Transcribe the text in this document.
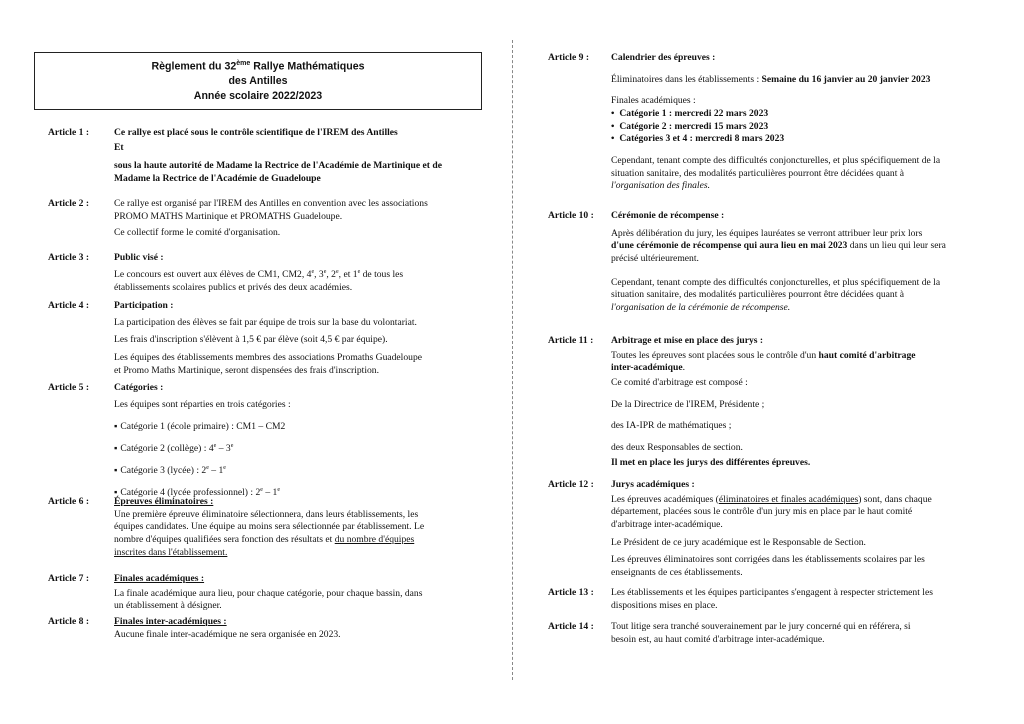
Règlement du 32ème Rallye Mathématiques
des Antilles
Année scolaire 2022/2023
Article 1 :	Ce rallye est placé sous le contrôle scientifique de l'IREM des Antilles

Et

sous la haute autorité de Madame la Rectrice de l'Académie de Martinique et de

Madame la Rectrice de l'Académie de Guadeloupe

Article 2 :	Ce rallye est organisé par l'IREM des Antilles en convention avec les associations

PROMO MATHS Martinique et PROMATHS Guadeloupe.

Ce collectif forme le comité d'organisation.

Article 3 :	Public visé :

Le concours est ouvert aux élèves de CM1, CM2, 4e, 3e, 2e, et 1e de tous les

établissements scolaires publics et privés des deux académies.

Article 4 :	Participation :

La participation des élèves se fait par équipe de trois sur la base du volontariat.

Les frais d'inscription s'élèvent à 1,5 € par élève (soit 4,5 € par équipe).

Les équipes des établissements membres des associations Promaths Guadeloupe

et Promo Maths Martinique, seront dispensées des frais d'inscription.

Article 5 :	Catégories :

Les équipes sont réparties en trois catégories :

▪ Catégorie 1 (école primaire) : CM1 – CM2

▪ Catégorie 2 (collège) : 4e – 3e

▪ Catégorie 3 (lycée) : 2e – 1e

▪ Catégorie 4 (lycée professionnel) : 2e – 1e

Article 6 :	Épreuves éliminatoires :

Une première épreuve éliminatoire sélectionnera, dans leurs établissements, les

équipes candidates. Une équipe au moins sera sélectionnée par établissement. Le

nombre d'équipes qualifiées sera fonction des résultats et du nombre d'équipes

inscrites dans l'établissement.

Article 7 :	Finales académiques :

La finale académique aura lieu, pour chaque catégorie, pour chaque bassin, dans

un établissement à désigner.

Article 8 :	Finales inter-académiques :

Aucune finale inter-académique ne sera organisée en 2023.

Article 9 : Calendrier des épreuves :

Éliminatoires dans les établissements : Semaine du 16 janvier au 20 janvier 2023

Finales académiques :

• Catégorie 1 : mercredi 22 mars 2023

• Catégorie 2 : mercredi 15 mars 2023

• Catégories 3 et 4 : mercredi 8 mars 2023

Cependant, tenant compte des difficultés conjoncturelles, et plus spécifiquement de la

situation sanitaire, des modalités particulières pourront être décidées quant à

l'organisation des finales.

Article 10 : Cérémonie de récompense :

Après délibération du jury, les équipes lauréates se verront attribuer leur prix lors

d'une cérémonie de récompense qui aura lieu en mai 2023 dans un lieu qui leur sera

précisé ultérieurement.

Cependant, tenant compte des difficultés conjoncturelles, et plus spécifiquement de la

situation sanitaire, des modalités particulières pourront être décidées quant à

l'organisation de la cérémonie de récompense.

Article 11 : Arbitrage et mise en place des jurys :

Toutes les épreuves sont placées sous le contrôle d'un haut comité d'arbitrage

inter-académique.

Ce comité d'arbitrage est composé :

De la Directrice de l'IREM, Présidente ;

des IA-IPR de mathématiques ;

des deux Responsables de section.

Il met en place les jurys des différentes épreuves.

Article 12 : Jurys académiques :

Les épreuves académiques (éliminatoires et finales académiques) sont, dans chaque

département, placées sous le contrôle d'un jury mis en place par le haut comité

d'arbitrage inter-académique.

Le Président de ce jury académique est le Responsable de Section.

Les épreuves éliminatoires sont corrigées dans les établissements scolaires par les

enseignants de ces établissements.

Article 13 : Les établissements et les équipes participantes s'engagent à respecter strictement les

dispositions mises en place.

Article 14 : Tout litige sera tranché souverainement par le jury concerné qui en référera, si

besoin est, au haut comité d'arbitrage inter-académique.
